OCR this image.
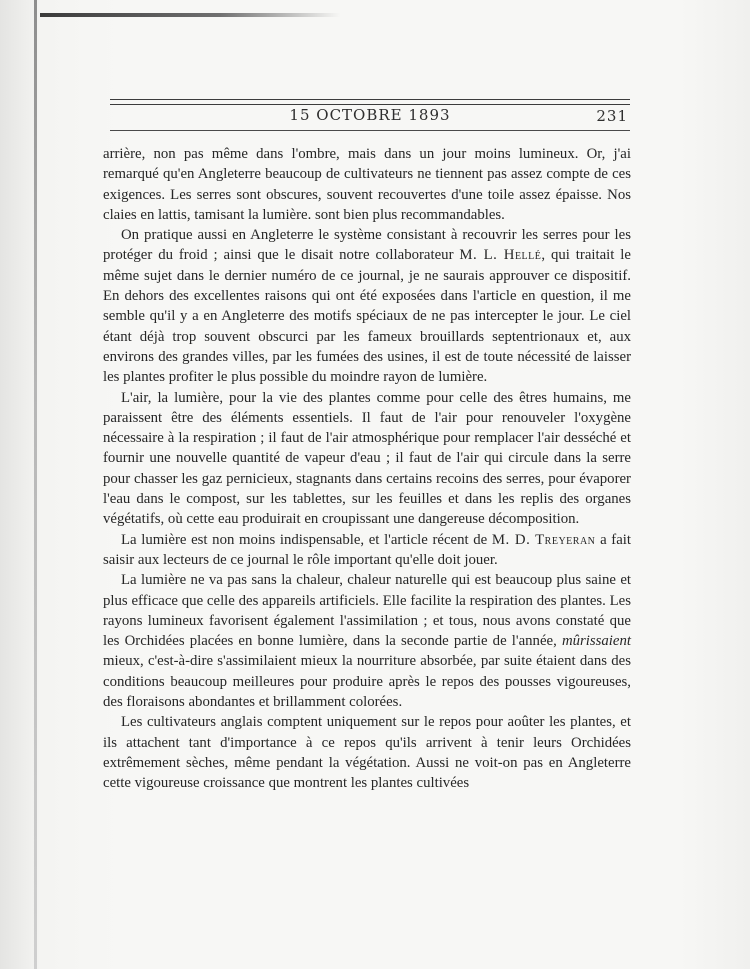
15 OCTOBRE 1893	231

arrière, non pas même dans l'ombre, mais dans un jour moins lumineux. Or, j'ai remarqué qu'en Angleterre beaucoup de cultivateurs ne tiennent pas assez compte de ces exigences. Les serres sont obscures, souvent recouvertes d'une toile assez épaisse. Nos claies en lattis, tamisant la lumière. sont bien plus recommandables.

On pratique aussi en Angleterre le système consistant à recouvrir les serres pour les protéger du froid ; ainsi que le disait notre collaborateur M. L. Hellé, qui traitait le même sujet dans le dernier numéro de ce journal, je ne saurais approuver ce dispositif. En dehors des excellentes raisons qui ont été exposées dans l'article en question, il me semble qu'il y a en Angleterre des motifs spéciaux de ne pas intercepter le jour. Le ciel étant déjà trop souvent obscurci par les fameux brouillards septentrionaux et, aux environs des grandes villes, par les fumées des usines, il est de toute nécessité de laisser les plantes profiter le plus possible du moindre rayon de lumière.

L'air, la lumière, pour la vie des plantes comme pour celle des êtres humains, me paraissent être des éléments essentiels. Il faut de l'air pour renouveler l'oxygène nécessaire à la respiration ; il faut de l'air atmosphérique pour remplacer l'air desséché et fournir une nouvelle quantité de vapeur d'eau ; il faut de l'air qui circule dans la serre pour chasser les gaz pernicieux, stagnants dans certains recoins des serres, pour évaporer l'eau dans le compost, sur les tablettes, sur les feuilles et dans les replis des organes végétatifs, où cette eau produirait en croupissant une dangereuse décomposition.

La lumière est non moins indispensable, et l'article récent de M. D. Treyeran a fait saisir aux lecteurs de ce journal le rôle important qu'elle doit jouer.

La lumière ne va pas sans la chaleur, chaleur naturelle qui est beaucoup plus saine et plus efficace que celle des appareils artificiels. Elle facilite la respiration des plantes. Les rayons lumineux favorisent également l'assimilation ; et tous, nous avons constaté que les Orchidées placées en bonne lumière, dans la seconde partie de l'année, mûrissaient mieux, c'est-à-dire s'assimilaient mieux la nourriture absorbée, par suite étaient dans des conditions beaucoup meilleures pour produire après le repos des pousses vigoureuses, des floraisons abondantes et brillamment colorées.

Les cultivateurs anglais comptent uniquement sur le repos pour aoûter les plantes, et ils attachent tant d'importance à ce repos qu'ils arrivent à tenir leurs Orchidées extrêmement sèches, même pendant la végétation. Aussi ne voit-on pas en Angleterre cette vigoureuse croissance que montrent les plantes cultivées
